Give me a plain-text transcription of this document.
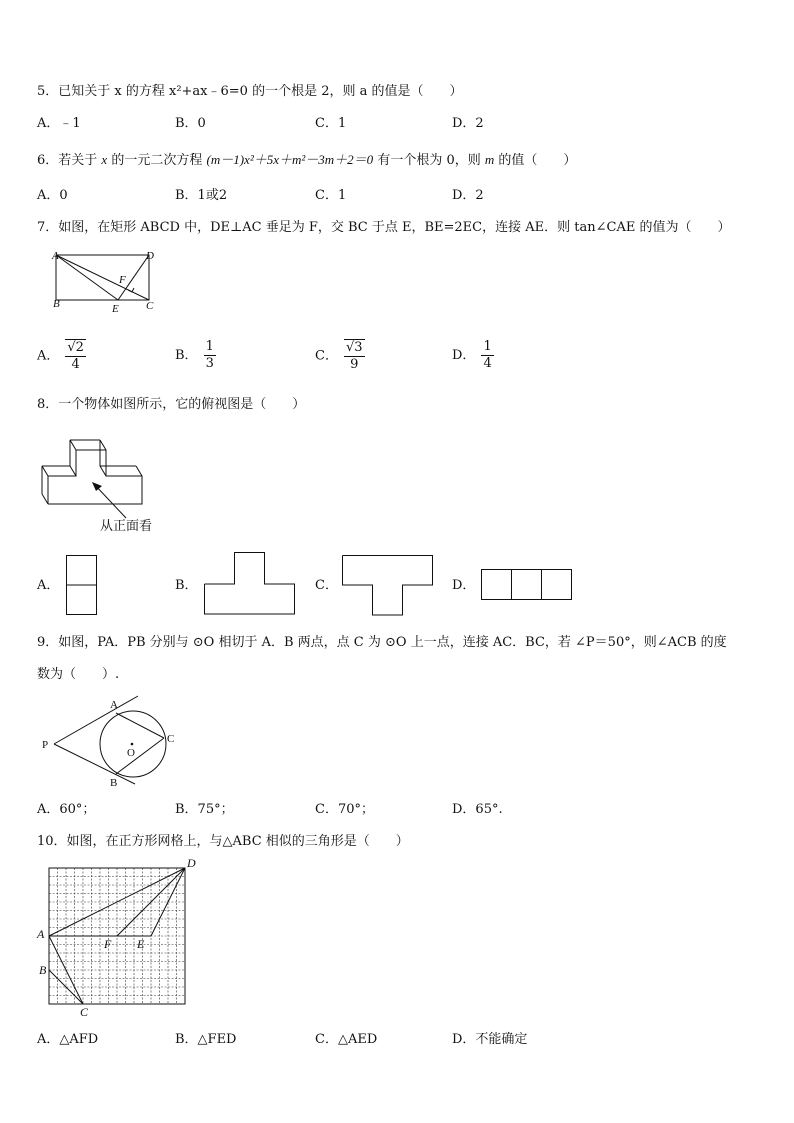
5．已知关于 x 的方程 x²+ax﹣6=0 的一个根是 2，则 a 的值是（　　）
A．﹣1	B．0	C．1	D．2
6．若关于 x 的一元二次方程 (m－1)x²＋5x＋m²－3m＋2＝0 有一个根为 0，则 m 的值（　　）
A．0	B．1或2	C．1	D．2
7．如图，在矩形 ABCD 中，DE⊥AC 垂足为 F，交 BC 于点 E，BE=2EC，连接 AE．则 tan∠CAE 的值为（　　）
A	D
B	C
E
F
A． $\frac{√2}{4}$	B． $\frac{1}{3}$	C． $\frac{√3}{9}$	D． $\frac{1}{4}$
8．一个物体如图所示，它的俯视图是（　　）
从正面看
A．	B．	C．	D．
9．如图，PA．PB 分别与 ⊙O 相切于 A．B 两点，点 C 为 ⊙O 上一点，连接 AC．BC，若 ∠P＝50°，则∠ACB 的度
数为（　　）.
P
A
B
C
O
A．60°；	B．75°；	C．70°；	D．65°.
10．如图，在正方形网格上，与△ABC 相似的三角形是（　　）
A
B
C
D
E
F
A．△AFD	B．△FED	C．△AED	D．不能确定
